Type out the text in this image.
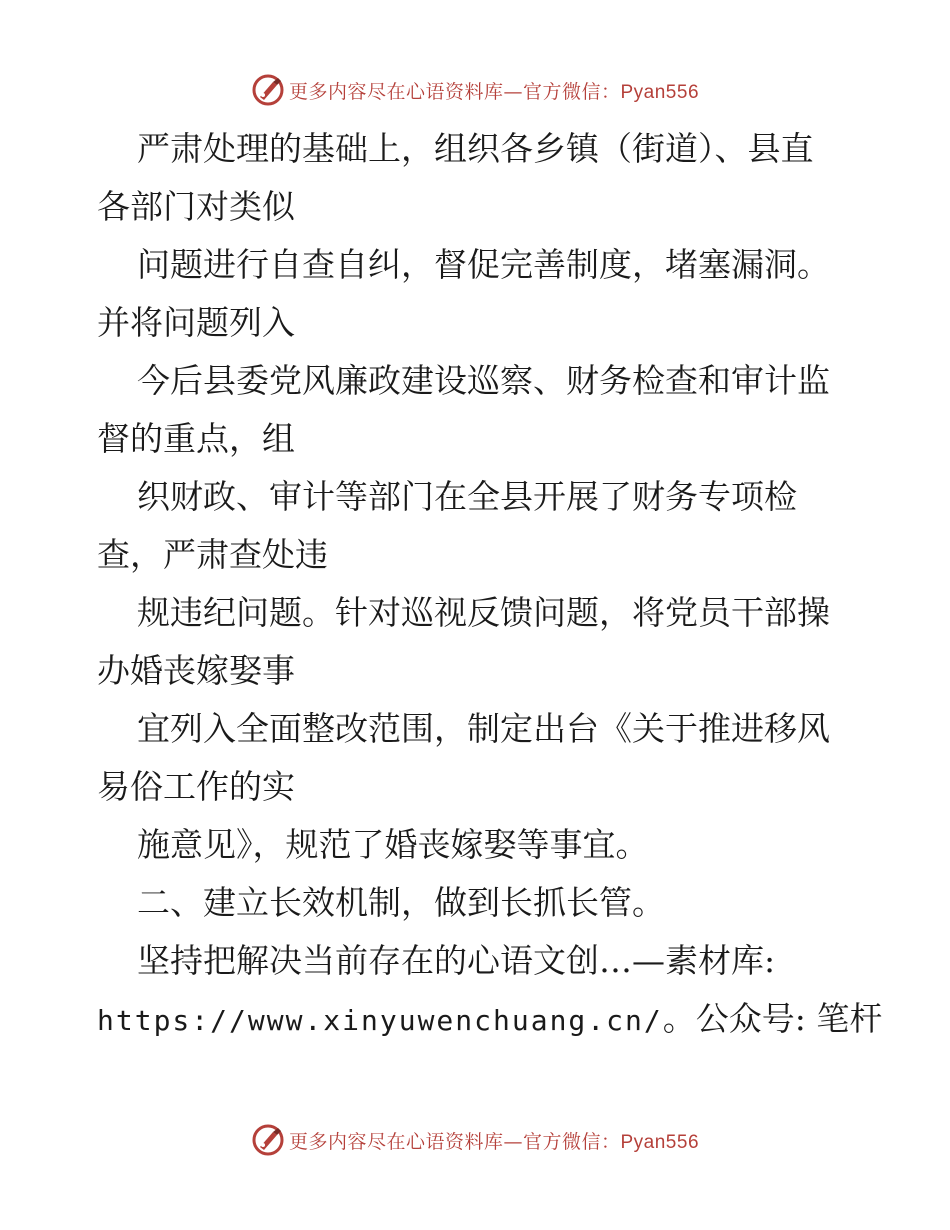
更多内容尽在心语资料库—官方微信：Pyan556
严肃处理的基础上，组织各乡镇（街道）、县直
各部门对类似
问题进行自查自纠，督促完善制度，堵塞漏洞。
并将问题列入
今后县委党风廉政建设巡察、财务检查和审计监
督的重点，组
织财政、审计等部门在全县开展了财务专项检
查，严肃查处违
规违纪问题。针对巡视反馈问题，将党员干部操
办婚丧嫁娶事
宜列入全面整改范围，制定出台《关于推进移风
易俗工作的实
施意见》，规范了婚丧嫁娶等事宜。
二、建立长效机制，做到长抓长管。
坚持把解决当前存在的心语文创…—素材库:
https://www.xinyuwenchuang.cn/。公众号: 笔杆
更多内容尽在心语资料库—官方微信：Pyan556
